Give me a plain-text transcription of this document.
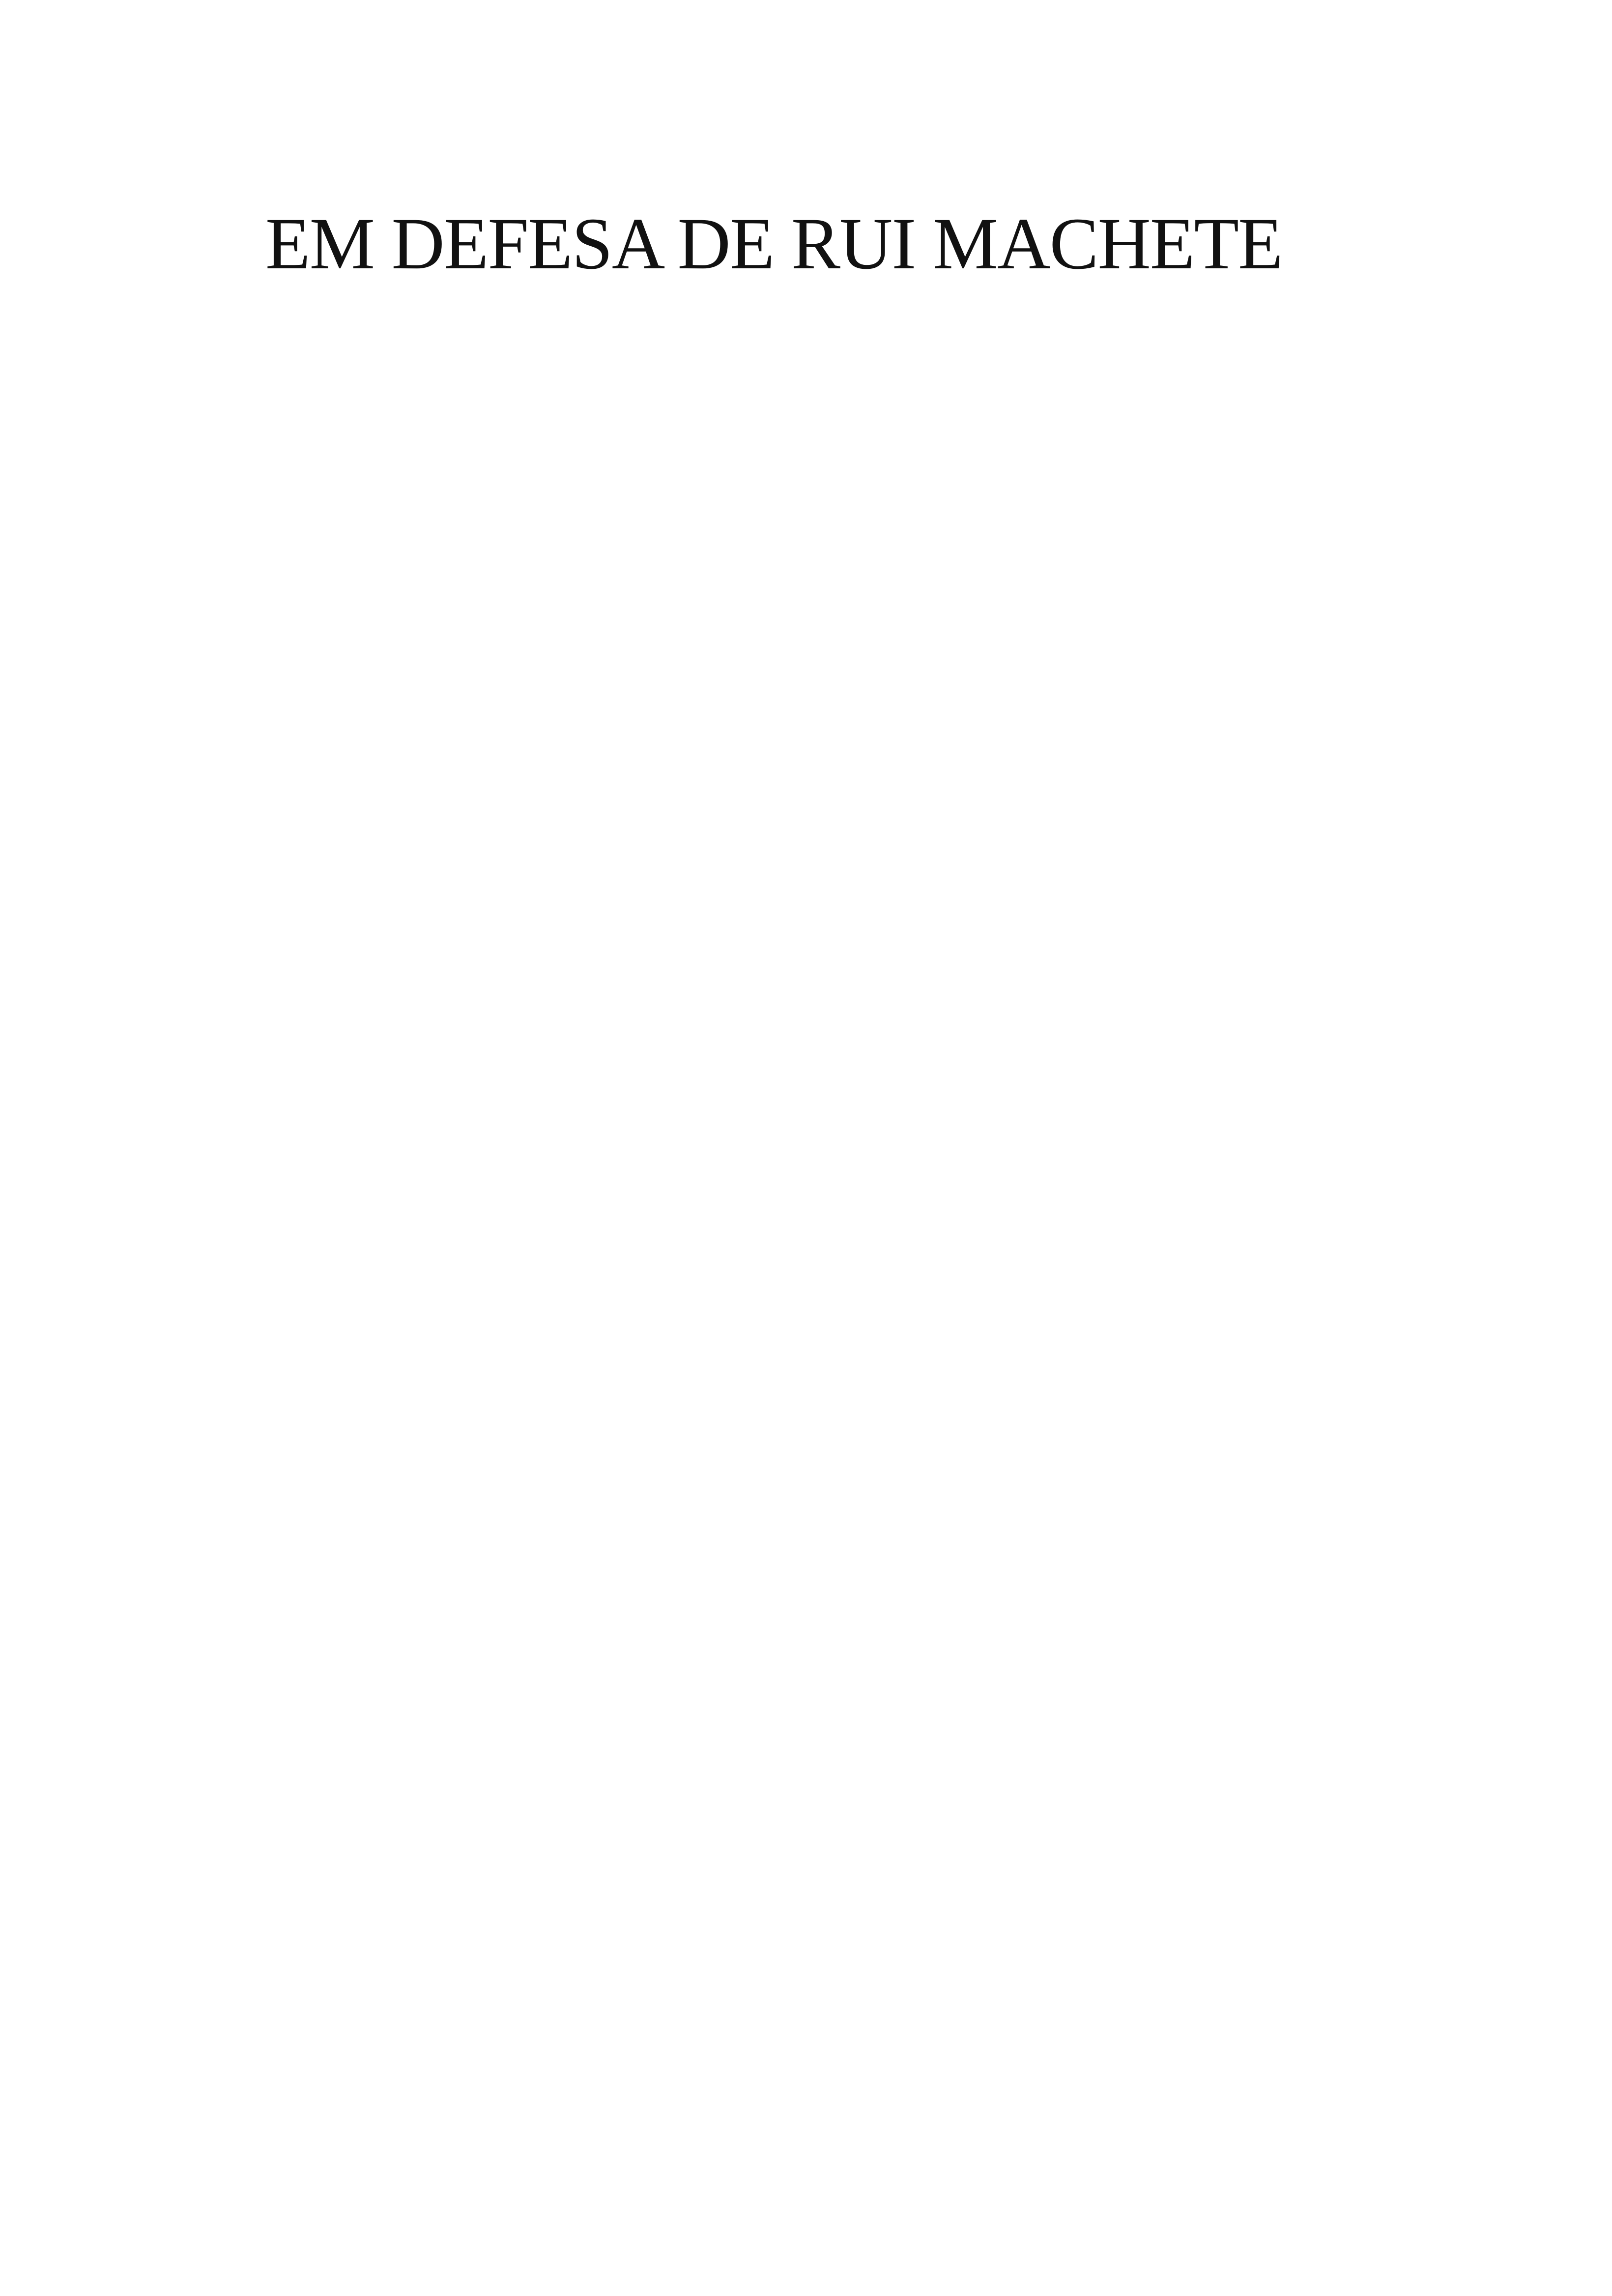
EM DEFESA DE RUI MACHETE
